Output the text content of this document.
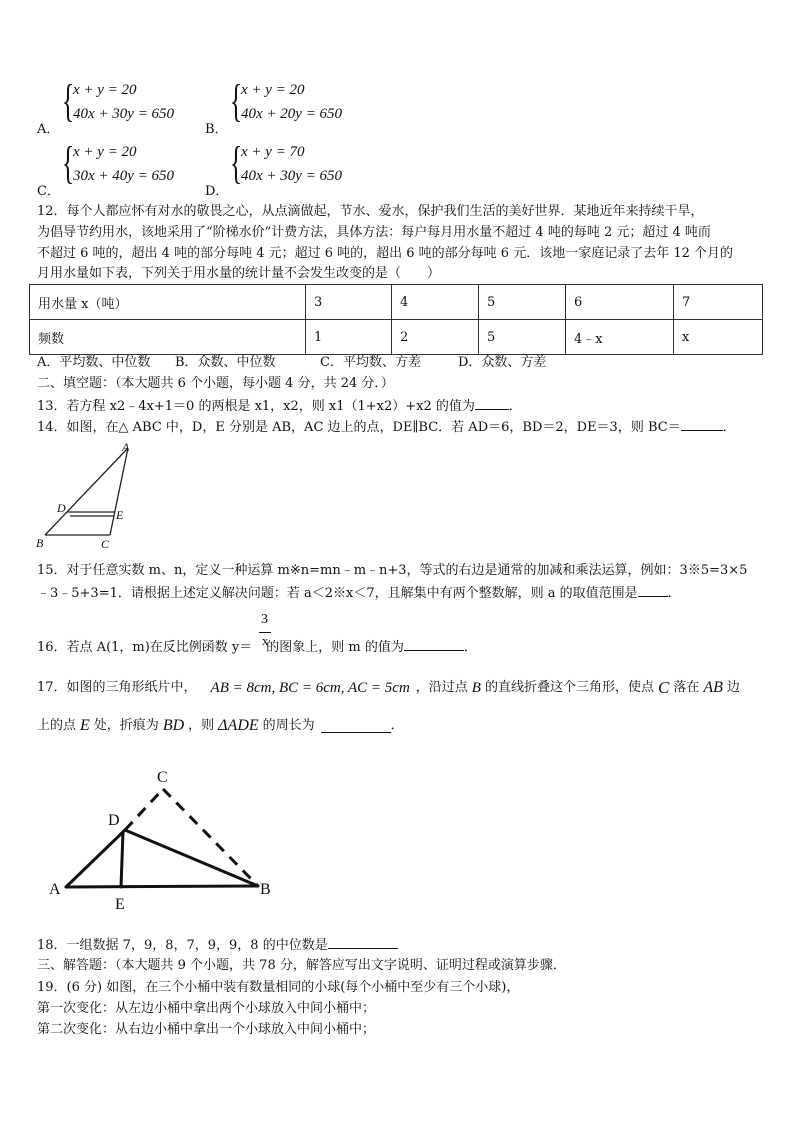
A．
{
x + y = 20
40x + 30y = 650
B．
{
x + y = 20
40x + 20y = 650
C．
{
x + y = 20
30x + 40y = 650
D．
{
x + y = 70
40x + 30y = 650
12．每个人都应怀有对水的敬畏之心，从点滴做起，节水、爱水，保护我们生活的美好世界．某地近年来持续干旱，
为倡导节约用水，该地采用了“阶梯水价”计费方法，具体方法：每户每月用水量不超过 4 吨的每吨 2 元；超过 4 吨而
不超过 6 吨的，超出 4 吨的部分每吨 4 元；超过 6 吨的，超出 6 吨的部分每吨 6 元．该地一家庭记录了去年 12 个月的
月用水量如下表，下列关于用水量的统计量不会发生改变的是（　　）
用水量 x（吨）	3	4	5	6	7
频数	1	2	5	4﹣x	x
A．平均数、中位数 B．众数、中位数	C．平均数、方差	D．众数、方差
二、填空题：（本大题共 6 个小题，每小题 4 分，共 24 分．）
13．若方程 x2﹣4x+1＝0 的两根是 x1，x2，则 x1（1+x2）+x2 的值为	．
14．如图，在△ ABC 中，D，E 分别是 AB，AC 边上的点，DE∥BC．若 AD＝6，BD＝2，DE＝3，则 BC＝	．
A
D	E
B	C
15．对于任意实数 m、n，定义一种运算 m※n=mn﹣m﹣n+3，等式的右边是通常的加减和乘法运算，例如：3※5=3×5
﹣3﹣5+3=1．请根据上述定义解决问题：若 a＜2※x＜7，且解集中有两个整数解，则 a 的取值范围是 ．
16．若点 A(1，m)在反比例函数 y＝ 的图象上，则 m 的值为	．
3
x
17．如图的三角形纸片中， AB = 8cm, BC = 6cm, AC = 5cm ，沿过点 B 的直线折叠这个三角形，使点 C 落在 AB 边
上的点 E 处，折痕为 BD ，则 ΔADE 的周长为	．
C
D
A
E
B
18．一组数据 7，9，8，7，9，9，8 的中位数是
三、解答题：（本大题共 9 个小题，共 78 分，解答应写出文字说明、证明过程或演算步骤．
19．(6 分) 如图，在三个小桶中装有数量相同的小球(每个小桶中至少有三个小球)，
第一次变化：从左边小桶中拿出两个小球放入中间小桶中；
第二次变化：从右边小桶中拿出一个小球放入中间小桶中；
